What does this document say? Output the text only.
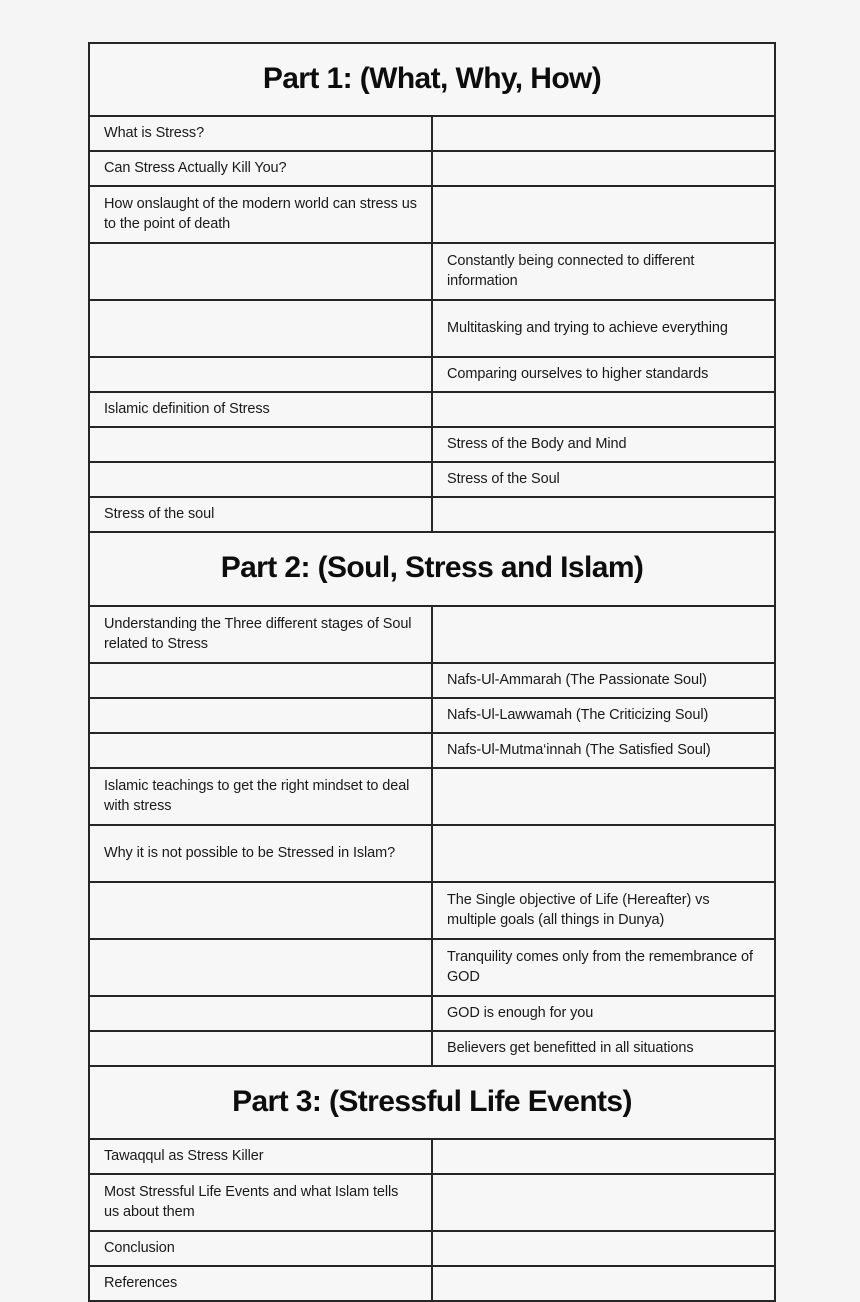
Part 1: (What, Why, How)	

What is Stress?	

Can Stress Actually Kill You?	

How onslaught of the modern world can stress us to the point of death	

	Constantly being connected to different information

	Multitasking and trying to achieve everything

	Comparing ourselves to higher standards

Islamic definition of Stress	

	Stress of the Body and Mind

	Stress of the Soul

Stress of the soul	

Part 2: (Soul, Stress and Islam)	

Understanding the Three different stages of Soul related to Stress	

	Nafs-Ul-Ammarah (The Passionate Soul)

	Nafs-Ul-Lawwamah (The Criticizing Soul)

	Nafs-Ul-Mutma‘innah (The Satisfied Soul)

Islamic teachings to get the right mindset to deal with stress	

Why it is not possible to be Stressed in Islam?	

	The Single objective of Life (Hereafter) vs multiple goals (all things in Dunya)

	Tranquility comes only from the remembrance of GOD

	GOD is enough for you

	Believers get benefitted in all situations

Part 3: (Stressful Life Events)	

Tawaqqul as Stress Killer	

Most Stressful Life Events and what Islam tells us about them	

Conclusion	

References	
